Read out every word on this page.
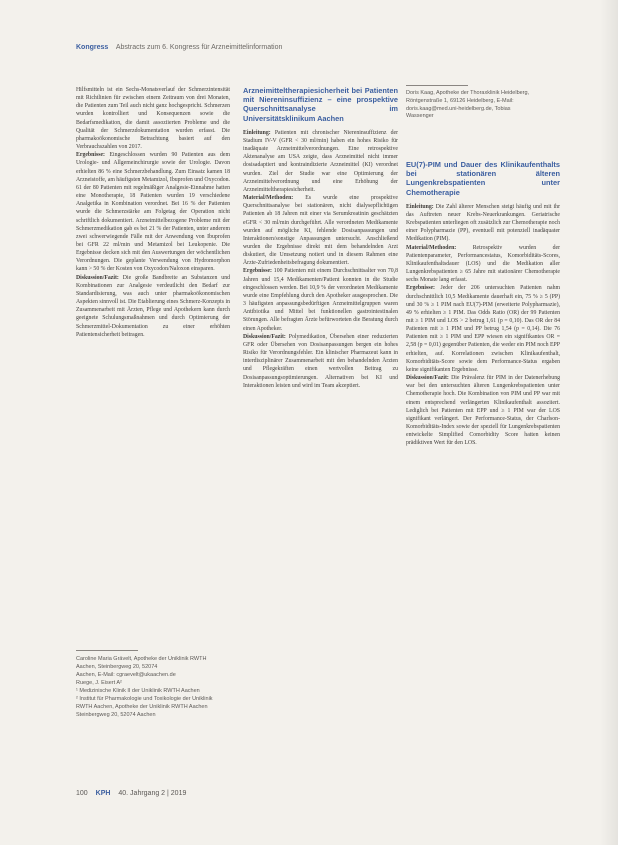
Kongress Abstracts zum 6. Kongress für Arzneimittelinformation

Hilfsmitteln ist ein Sechs-Monatsverlauf der Schmerzintensität mit Richtlinien für zwischen einem Zeitraum von drei Monaten, die Patienten zum Teil auch nicht ganz hochgespricht. Schmerzen wurden kontrolliert und Konsequenzen sowie die Bedarfsmedikation, die damit assoziierten Probleme und die Qualität der Schmerzdokumentation wurden erfasst. Die pharmakoökonomische Betrachtung basiert auf den Verbrauchszahlen von 2017.

Ergebnisse: Eingeschlossen wurden 90 Patienten aus dem Urologie- und Allgemeinchirurgie sowie der Urologie. Davon erhielten 86 % eine Schmerzbehandlung. Zum Einsatz kamen 18 Arzneistoffe, am häufigsten Metamizol, Ibuprofen und Oxycodon. 61 der 80 Patienten mit regelmäßiger Analgesie-Einnahme hatten eine Monotherapie, 18 Patienten wurden 19 verschiedene Analgetika in Kombination verordnet. Bei 16 % der Patienten wurde die Schmerzstärke am Folgetag der Operation nicht schriftlich dokumentiert. Arzneimittelbezogene Probleme mit der Schmerzmedikation gab es bei 21 % der Patienten, unter anderem zwei schwerwiegende Fälle mit der Anwendung von Ibuprofen bei GFR 22 ml/min und Metamizol bei Leukopenie. Die Ergebnisse decken sich mit den Auswertungen der wöchentlichen Verordnungen. Die geplante Verwendung von Hydromorphon kann > 50 % der Kosten von Oxycodon/Naloxon einsparen.

Diskussion/Fazit: Die große Bandbreite an Substanzen und Kombinationen zur Analgesie verdeutlicht den Bedarf zur Standardisierung, was auch unter pharmakoökonomischen Aspekten sinnvoll ist. Die Etablierung eines Schmerz-Konzepts in Zusammenarbeit mit Ärzten, Pflege und Apothekern kann durch geeignete Schulungsmaßnahmen und durch Optimierung der Schmerzmittel-Dokumentation zu einer erhöhten Patientensicherheit beitragen.

Caroline Maria Grävelt, Apotheke der Uniklinik RWTH Aachen, Steinbergweg 20, 52074

Aachen, E-Mail: cgraevelt@ukaachen.de

Ruege, J. Eisert A²

¹ Medizinische Klinik II der Uniklinik RWTH Aachen

² Institut für Pharmakologie und Toxikologie der Uniklinik RWTH Aachen, Apotheke der Uniklinik RWTH Aachen Steinbergweg 20, 52074 Aachen

Arzneimitteltherapiesicherheit bei Patienten mit Niereninsuffizienz – eine prospektive Querschnittsanalyse im Universitätsklinikum Aachen

Einleitung: Patienten mit chronischer Niereninsuffizienz der Stadium IV-V (GFR < 30 ml/min) haben ein hohes Risiko für inadäquate Arzneimittelverordnungen. Eine retrospektive Aktenanalyse am USA zeigte, dass Arzneimittel nicht immer dosisadaptiert und kontraindizierte Arzneimittel (KI) verordnet wurden. Ziel der Studie war eine Optimierung der Arzneimittelverordnung und eine Erhöhung der Arzneimitteltherapiesicherheit.

Material/Methoden: Es wurde eine prospektive Querschnittsanalyse bei stationären, nicht dialysepflichtigen Patienten ab 18 Jahren mit einer via Serumkreatinin geschätzten eGFR < 30 ml/min durchgeführt. Alle verordneten Medikamente wurden auf mögliche KI, fehlende Dosisanpassungen und Interaktionen/sonstige Anpassungen untersucht. Anschließend wurden die Ergebnisse direkt mit dem behandelnden Arzt diskutiert, die Umsetzung notiert und in diesem Rahmen eine Ärzte-Zufriedenheitsbefragung dokumentiert.

Ergebnisse: 100 Patienten mit einem Durchschnittsalter von 70,8 Jahren und 15,4 Medikamenten/Patient konnten in die Studie eingeschlossen werden. Bei 10,9 % der verordneten Medikamente wurde eine Empfehlung durch den Apotheker ausgesprochen. Die 3 häufigsten anpassungsbedürftigen Arzneimittelgruppen waren Antibiotika und Mittel bei funktionellen gastrointestinalen Störungen. Alle befragten Ärzte befürworteten die Beratung durch einen Apotheker.

Diskussion/Fazit: Polymedikation, Übersehen einer reduzierten GFR oder Übersehen von Dosisanpassungen bergen ein hohes Risiko für Verordnungsfehler. Ein klinischer Pharmazeut kann in interdisziplinärer Zusammenarbeit mit den behandelnden Ärzten und Pflegekräften einen wertvollen Beitrag zu Dosisanpassungsoptimierungen. Alternativen bei KI und Interaktionen leisten und wird im Team akzeptiert.

Doris Kaag, Apotheke der Thoraxklinik Heidelberg, Röntgenstraße 1, 69126 Heidelberg, E-Mail:

doris.kaag@med.uni-heidelberg.de, Tobias

Wassenger

EU(7)-PIM und Dauer des Klinikaufenthalts bei stationären älteren Lungenkrebspatienten unter Chemotherapie

Einleitung: Die Zahl älterer Menschen steigt häufig und mit ihr das Auftreten neuer Krebs-Neuerkrankungen. Geriatrische Krebspatienten unterliegen oft zusätzlich zur Chemotherapie noch einer Polypharmazie (PP), eventuell mit potenziell inadäquater Medikation (PIM).

Material/Methoden:	Retrospektiv wurden der Patientenparameter, Performancestatus, Komorbiditäts-Scores, Klinikaufenthaltsdauer (LOS) und die Medikation aller Lungenkrebspatienten ≥ 65 Jahre mit stationärer Chemotherapie sechs Monate lang erfasst.

Ergebnisse: Jeder der 206 untersuchten Patienten nahm durchschnittlich 10,5 Medikamente dauerhaft ein, 75 % ≥ 5 (PP) und 30 % ≥ 1 PIM nach EU(7)-PIM (erweiterte Polypharmazie), 49 % erhielten ≥ 1 PIM. Das Odds Ratio (OR) der 99 Patienten mit ≥ 1 PIM und LOS > 2 betrug 1,61 (p = 0,10). Das OR der 84 Patienten mit ≥ 1 PIM und PP betrug 1,54 (p = 0,14). Die 76 Patienten mit ≥ 1 PIM und EPP wiesen ein signifikantes OR = 2,58 (p = 0,01) gegenüber Patienten, die weder ein PIM noch EPP erhielten, auf. Korrelationen zwischen Klinikaufenthalt, Komorbiditäts-Score sowie dem Performance-Status ergaben keine signifikanten Ergebnisse.

Diskussion/Fazit: Die Prävalenz für PIM in der Datenerhebung war bei den untersuchten älteren Lungenkrebspatienten unter Chemotherapie hoch. Die Kombination von PIM und PP war mit einem entsprechend verlängerten Klinikaufenthalt assoziiert. Lediglich bei Patienten mit EPP und ≥ 1 PIM war der LOS signifikant verlängert. Der Performance-Status, der Charlson-Komorbiditäts-Index sowie der speziell für Lungenkrebspatienten entwickelte Simplified Comorbidity Score hatten keinen prädiktiven Wert für den LOS.

100 KPH 40. Jahrgang 2 | 2019
